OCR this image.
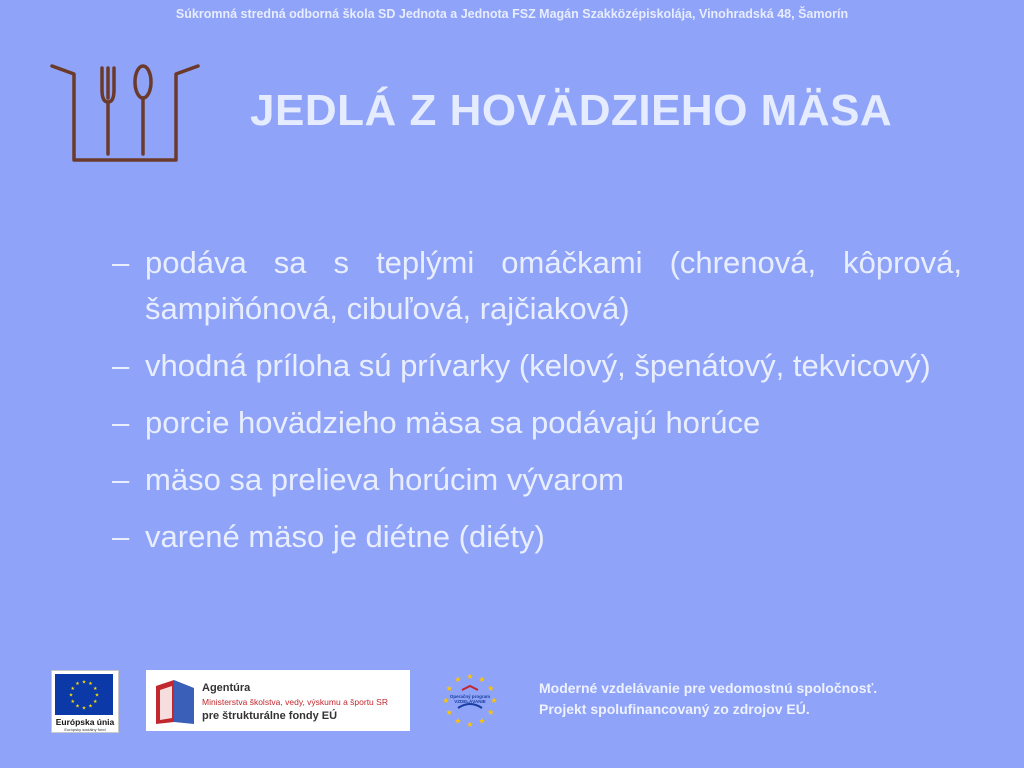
Súkromná stredná odborná škola SD Jednota a Jednota FSZ Magán Szakközépiskolája, Vinohradská 48, Šamorín
JEDLÁ Z HOVÄDZIEHO MÄSA
– podáva sa s teplými omáčkami (chrenová, kôprová, šampiňónová, cibuľová, rajčiaková)
– vhodná príloha sú prívarky (kelový, špenátový, tekvicový)
– porcie hovädzieho mäsa sa podávajú horúce
– mäso sa prelieva horúcim vývarom
– varené mäso je diétne (diéty)
★ ★
★
★
★
★
★
★
★
★
★
★
Európska únia
Európsky sociálny fond
Agentúra
Ministerstva školstva, vedy, výskumu a športu SR
pre štrukturálne fondy EÚ
★ ★
★
★
★
★
★
★
★
★
★
★
Operačný program VZDELÁVANIE
Moderné vzdelávanie pre vedomostnú spoločnosť.
Projekt spolufinancovaný zo zdrojov EÚ.
